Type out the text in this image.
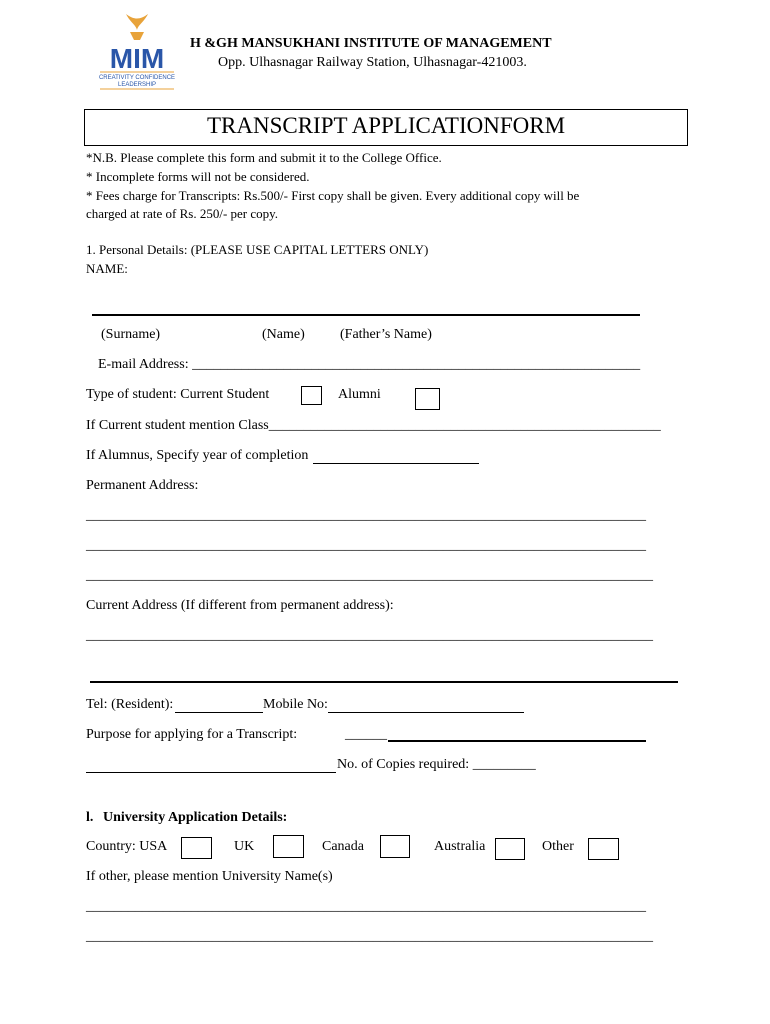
MIM
CREATIVITY CONFIDENCE
LEADERSHIP
H &GH MANSUKHANI INSTITUTE OF MANAGEMENT
Opp. Ulhasnagar Railway Station, Ulhasnagar-421003.
TRANSCRIPT APPLICATIONFORM
*N.B. Please complete this form and submit it to the College Office.
* Incomplete forms will not be considered.
* Fees charge for Transcripts: Rs.500/- First copy shall be given. Every additional copy will be
charged at rate of Rs. 250/- per copy.
1. Personal Details: (PLEASE USE CAPITAL LETTERS ONLY)
NAME:
(Surname)	(Name)	(Father’s Name)
E-mail Address: ________________________________________________________________
Type of student: Current Student	Alumni
If Current student mention Class________________________________________________________
If Alumnus, Specify year of completion
Permanent Address:
________________________________________________________________________________
________________________________________________________________________________
_________________________________________________________________________________
Current Address (If different from permanent address):
_________________________________________________________________________________
Tel: (Resident):	Mobile No:
Purpose for applying for a Transcript:	______
No. of Copies required: _________
l. University Application Details:
Country: USA	UK	Canada	Australia	Other
If other, please mention University Name(s)
________________________________________________________________________________
_________________________________________________________________________________
